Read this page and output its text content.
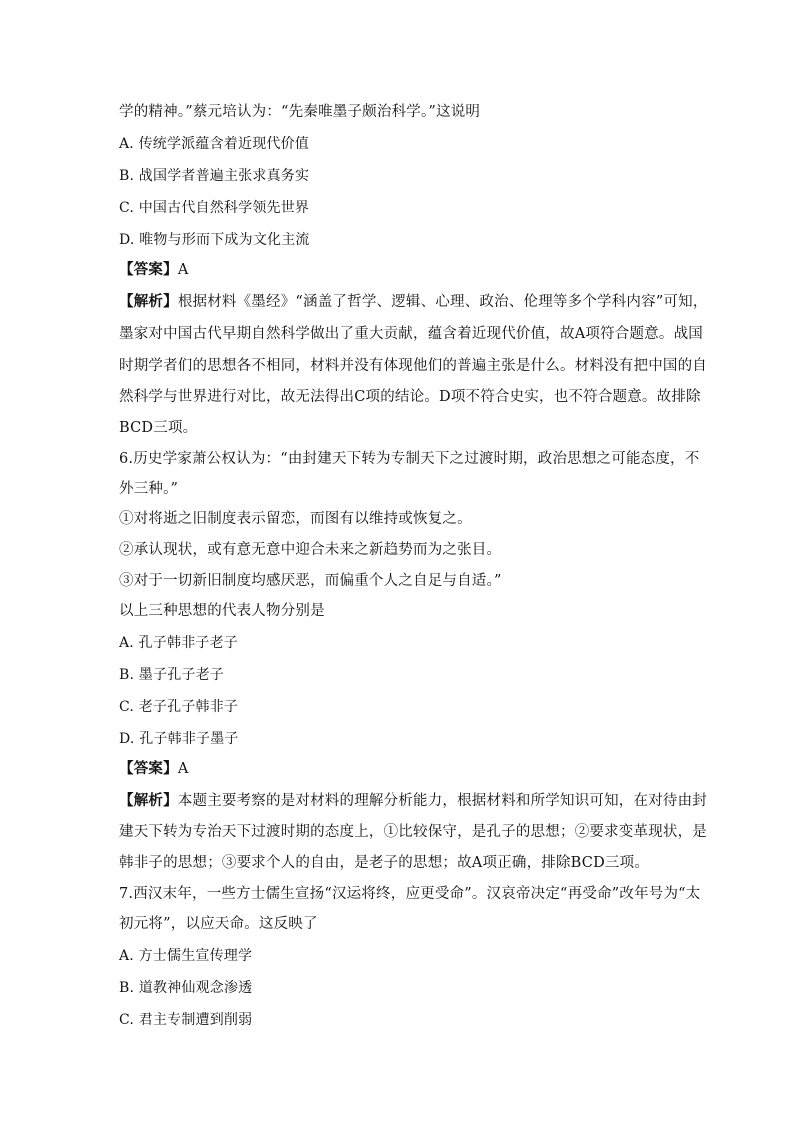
学的精神。”蔡元培认为：“先秦唯墨子颇治科学。”这说明
A. 传统学派蕴含着近现代价值
B. 战国学者普遍主张求真务实
C. 中国古代自然科学领先世界
D. 唯物与形而下成为文化主流
【答案】A
【解析】根据材料《墨经》“涵盖了哲学、逻辑、心理、政治、伦理等多个学科内容”可知，
墨家对中国古代早期自然科学做出了重大贡献，蕴含着近现代价值，故A项符合题意。战国
时期学者们的思想各不相同，材料并没有体现他们的普遍主张是什么。材料没有把中国的自
然科学与世界进行对比，故无法得出C项的结论。D项不符合史实，也不符合题意。故排除
BCD三项。
6.历史学家萧公权认为：“由封建天下转为专制天下之过渡时期，政治思想之可能态度，不
外三种。”
①对将逝之旧制度表示留恋，而图有以维持或恢复之。
②承认现状，或有意无意中迎合未来之新趋势而为之张目。
③对于一切新旧制度均感厌恶，而偏重个人之自足与自适。”
以上三种思想的代表人物分别是
A. 孔子韩非子老子
B. 墨子孔子老子
C. 老子孔子韩非子
D. 孔子韩非子墨子
【答案】A
【解析】本题主要考察的是对材料的理解分析能力，根据材料和所学知识可知，在对待由封
建天下转为专治天下过渡时期的态度上，①比较保守，是孔子的思想；②要求变革现状，是
韩非子的思想；③要求个人的自由，是老子的思想；故A项正确，排除BCD三项。
7.西汉末年，一些方士儒生宣扬“汉运将终，应更受命”。汉哀帝决定“再受命”改年号为“太
初元将”，以应天命。这反映了
A. 方士儒生宣传理学
B. 道教神仙观念渗透
C. 君主专制遭到削弱
